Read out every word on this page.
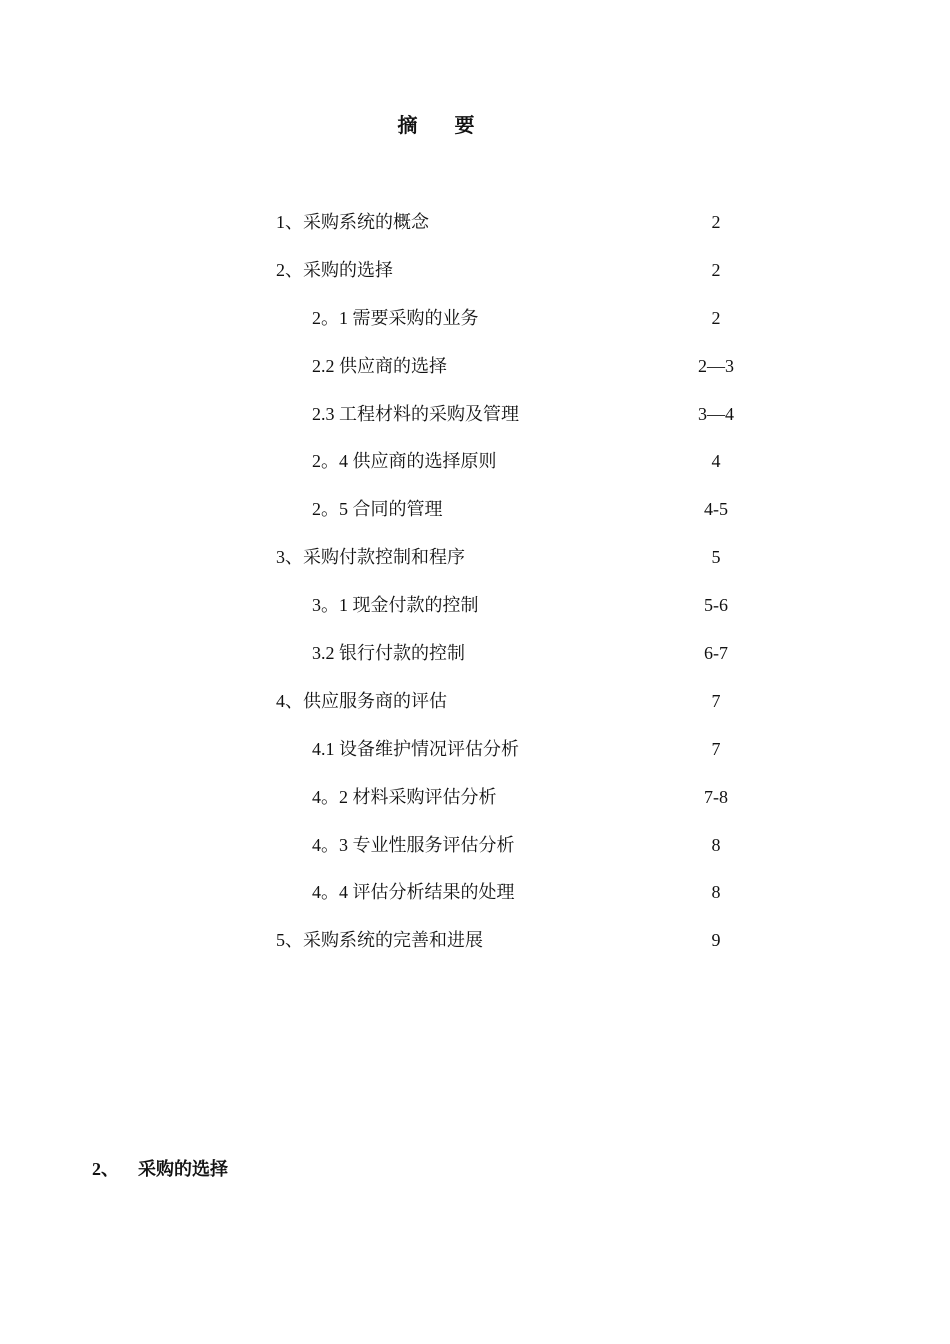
摘 要
1、采购系统的概念	2
2、采购的选择	2
2。1 需要采购的业务	2
2.2 供应商的选择	2—3
2.3 工程材料的采购及管理	3—4
2。4 供应商的选择原则	4
2。5 合同的管理	4-5
3、采购付款控制和程序	5
3。1 现金付款的控制	5-6
3.2 银行付款的控制	6-7
4、供应服务商的评估	7
4.1 设备维护情况评估分析	7
4。2 材料采购评估分析	7-8
4。3 专业性服务评估分析	8
4。4 评估分析结果的处理	8
5、采购系统的完善和进展	9
2、 采购的选择
